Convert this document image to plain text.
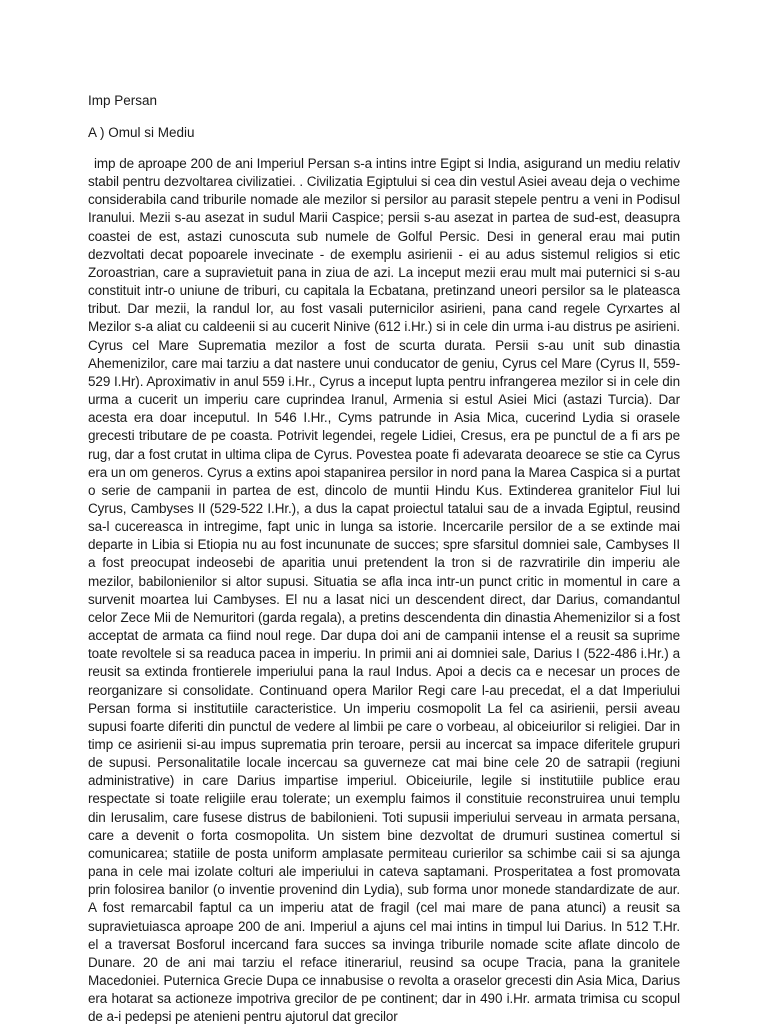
Imp Persan
A ) Omul si Mediu

imp de aproape 200 de ani Imperiul Persan s-a intins intre Egipt si India, asigurand un mediu relativ stabil pentru dezvoltarea civilizatiei. . Civilizatia Egiptului si cea din vestul Asiei aveau deja o vechime considerabila cand triburile nomade ale mezilor si persilor au parasit stepele pentru a veni in Podisul Iranului. Mezii s-au asezat in sudul Marii Caspice; persii s-au asezat in partea de sud-est, deasupra coastei de est, astazi cunoscuta sub numele de Golful Persic. Desi in general erau mai putin dezvoltati decat popoarele invecinate - de exemplu asirienii - ei au adus sistemul religios si etic Zoroastrian, care a supravietuit pana in ziua de azi. La inceput mezii erau mult mai puternici si s-au constituit intr-o uniune de triburi, cu capitala la Ecbatana, pretinzand uneori persilor sa le plateasca tribut. Dar mezii, la randul lor, au fost vasali puternicilor asirieni, pana cand regele Cyrxartes al Mezilor s-a aliat cu caldeenii si au cucerit Ninive (612 i.Hr.) si in cele din urma i-au distrus pe asirieni. Cyrus cel Mare Suprematia mezilor a fost de scurta durata. Persii s-au unit sub dinastia Ahemenizilor, care mai tarziu a dat nastere unui conducator de geniu, Cyrus cel Mare (Cyrus II, 559-529 I.Hr). Aproximativ in anul 559 i.Hr., Cyrus a inceput lupta pentru infrangerea mezilor si in cele din urma a cucerit un imperiu care cuprindea Iranul, Armenia si estul Asiei Mici (astazi Turcia). Dar acesta era doar inceputul. In 546 I.Hr., Cyms patrunde in Asia Mica, cucerind Lydia si orasele grecesti tributare de pe coasta. Potrivit legendei, regele Lidiei, Cresus, era pe punctul de a fi ars pe rug, dar a fost crutat in ultima clipa de Cyrus. Povestea poate fi adevarata deoarece se stie ca Cyrus era un om generos. Cyrus a extins apoi stapanirea persilor in nord pana la Marea Caspica si a purtat o serie de campanii in partea de est, dincolo de muntii Hindu Kus. Extinderea granitelor Fiul lui Cyrus, Cambyses II (529-522 I.Hr.), a dus la capat proiectul tatalui sau de a invada Egiptul, reusind sa-l cucereasca in intregime, fapt unic in lunga sa istorie. Incercarile persilor de a se extinde mai departe in Libia si Etiopia nu au fost incununate de succes; spre sfarsitul domniei sale, Cambyses II a fost preocupat indeosebi de aparitia unui pretendent la tron si de razvratirile din imperiu ale mezilor, babilonienilor si altor supusi. Situatia se afla inca intr-un punct critic in momentul in care a survenit moartea lui Cambyses. El nu a lasat nici un descendent direct, dar Darius, comandantul celor Zece Mii de Nemuritori (garda regala), a pretins descendenta din dinastia Ahemenizilor si a fost acceptat de armata ca fiind noul rege. Dar dupa doi ani de campanii intense el a reusit sa suprime toate revoltele si sa readuca pacea in imperiu. In primii ani ai domniei sale, Darius I (522-486 i.Hr.) a reusit sa extinda frontierele imperiului pana la raul Indus. Apoi a decis ca e necesar un proces de reorganizare si consolidate. Continuand opera Marilor Regi care l-au precedat, el a dat Imperiului Persan forma si institutiile caracteristice. Un imperiu cosmopolit La fel ca asirienii, persii aveau supusi foarte diferiti din punctul de vedere al limbii pe care o vorbeau, al obiceiurilor si religiei. Dar in timp ce asirienii si-au impus suprematia prin teroare, persii au incercat sa impace diferitele grupuri de supusi. Personalitatile locale incercau sa guverneze cat mai bine cele 20 de satrapii (regiuni administrative) in care Darius impartise imperiul. Obiceiurile, legile si institutiile publice erau respectate si toate religiile erau tolerate; un exemplu faimos il constituie reconstruirea unui templu din Ierusalim, care fusese distrus de babilonieni. Toti supusii imperiului serveau in armata persana, care a devenit o forta cosmopolita. Un sistem bine dezvoltat de drumuri sustinea comertul si comunicarea; statiile de posta uniform amplasate permiteau curierilor sa schimbe caii si sa ajunga pana in cele mai izolate colturi ale imperiului in cateva saptamani. Prosperitatea a fost promovata prin folosirea banilor (o inventie provenind din Lydia), sub forma unor monede standardizate de aur. A fost remarcabil faptul ca un imperiu atat de fragil (cel mai mare de pana atunci) a reusit sa supravietuiasca aproape 200 de ani. Imperiul a ajuns cel mai intins in timpul lui Darius. In 512 T.Hr. el a traversat Bosforul incercand fara succes sa invinga triburile nomade scite aflate dincolo de Dunare. 20 de ani mai tarziu el reface itinerariul, reusind sa ocupe Tracia, pana la granitele Macedoniei. Puternica Grecie Dupa ce innabusise o revolta a oraselor grecesti din Asia Mica, Darius era hotarat sa actioneze impotriva grecilor de pe continent; dar in 490 i.Hr. armata trimisa cu scopul de a-i pedepsi pe atenieni pentru ajutorul dat grecilor
